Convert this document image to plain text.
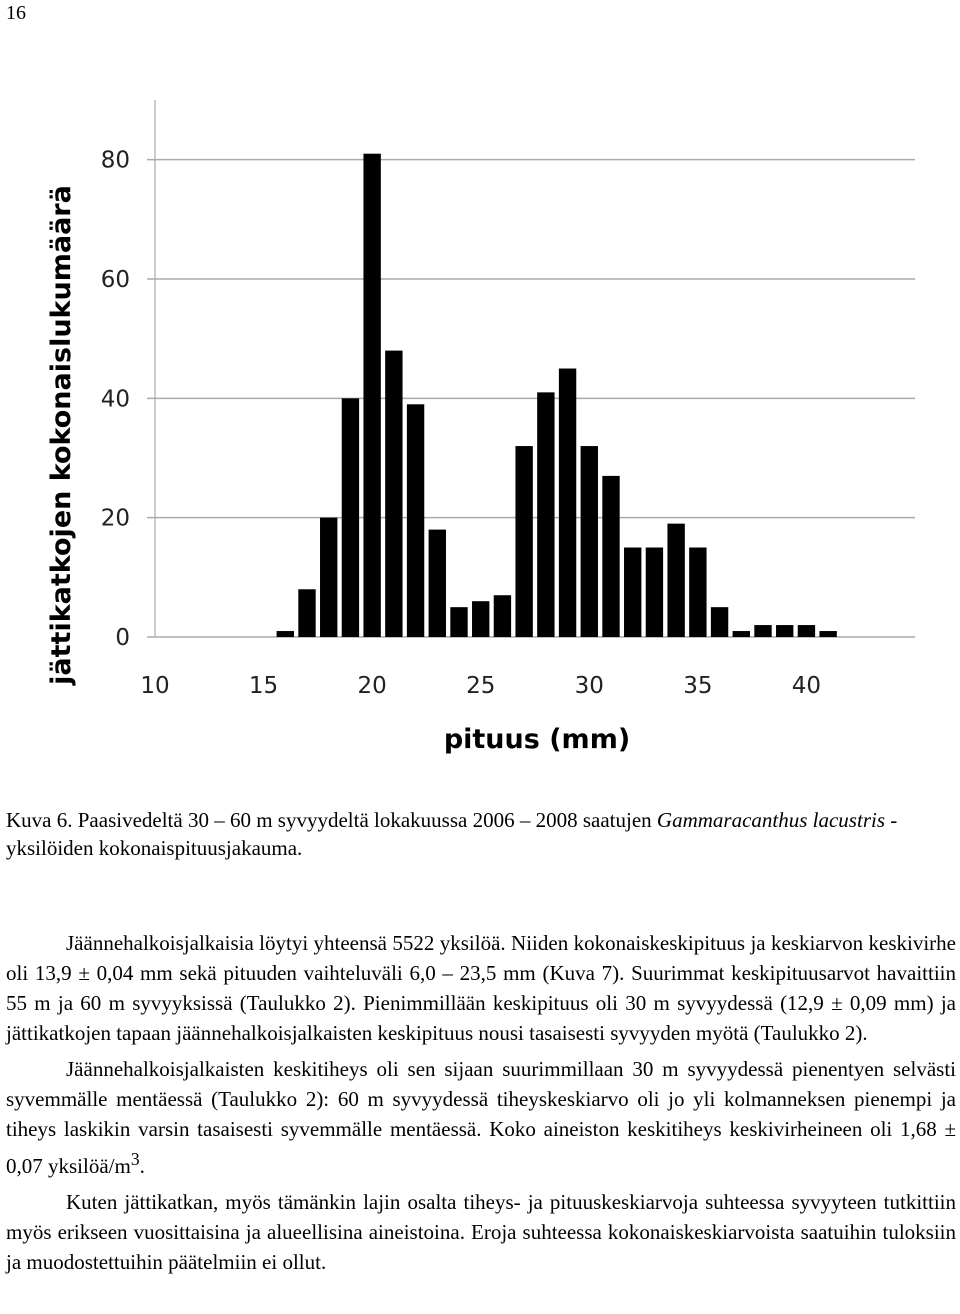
16
0
20
40
60
80
10	15	20	25	30	35	40
jättikatkojen kokonaislukumäärä
pituus (mm)
Kuva 6. Paasivedeltä 30 – 60 m syvyydeltä lokakuussa 2006 – 2008 saatujen Gammaracanthus lacustris -yksilöiden kokonaispituusjakauma.

Jäännehalkoisjalkaisia löytyi yhteensä 5522 yksilöä. Niiden kokonaiskeskipituus ja keskiarvon keskivirhe oli 13,9 ± 0,04 mm sekä pituuden vaihteluväli 6,0 – 23,5 mm (Kuva 7). Suurimmat keskipituusarvot havaittiin 55 m ja 60 m syvyyksissä (Taulukko 2). Pienimmillään keskipituus oli 30 m syvyydessä (12,9 ± 0,09 mm) ja jättikatkojen tapaan jäännehalkoisjalkaisten keskipituus nousi tasaisesti syvyyden myötä (Taulukko 2).

Jäännehalkoisjalkaisten keskitiheys oli sen sijaan suurimmillaan 30 m syvyydessä pienentyen selvästi syvemmälle mentäessä (Taulukko 2): 60 m syvyydessä tiheyskeskiarvo oli jo yli kolmanneksen pienempi ja tiheys laskikin varsin tasaisesti syvemmälle mentäessä. Koko aineiston keskitiheys keskivirheineen oli 1,68 ± 0,07 yksilöä/$m^3$.

Kuten jättikatkan, myös tämänkin lajin osalta tiheys- ja pituuskeskiarvoja suhteessa syvyyteen tutkittiin myös erikseen vuosittaisina ja alueellisina aineistoina. Eroja suhteessa kokonaiskeskiarvoista saatuihin tuloksiin ja muodostettuihin päätelmiin ei ollut.
